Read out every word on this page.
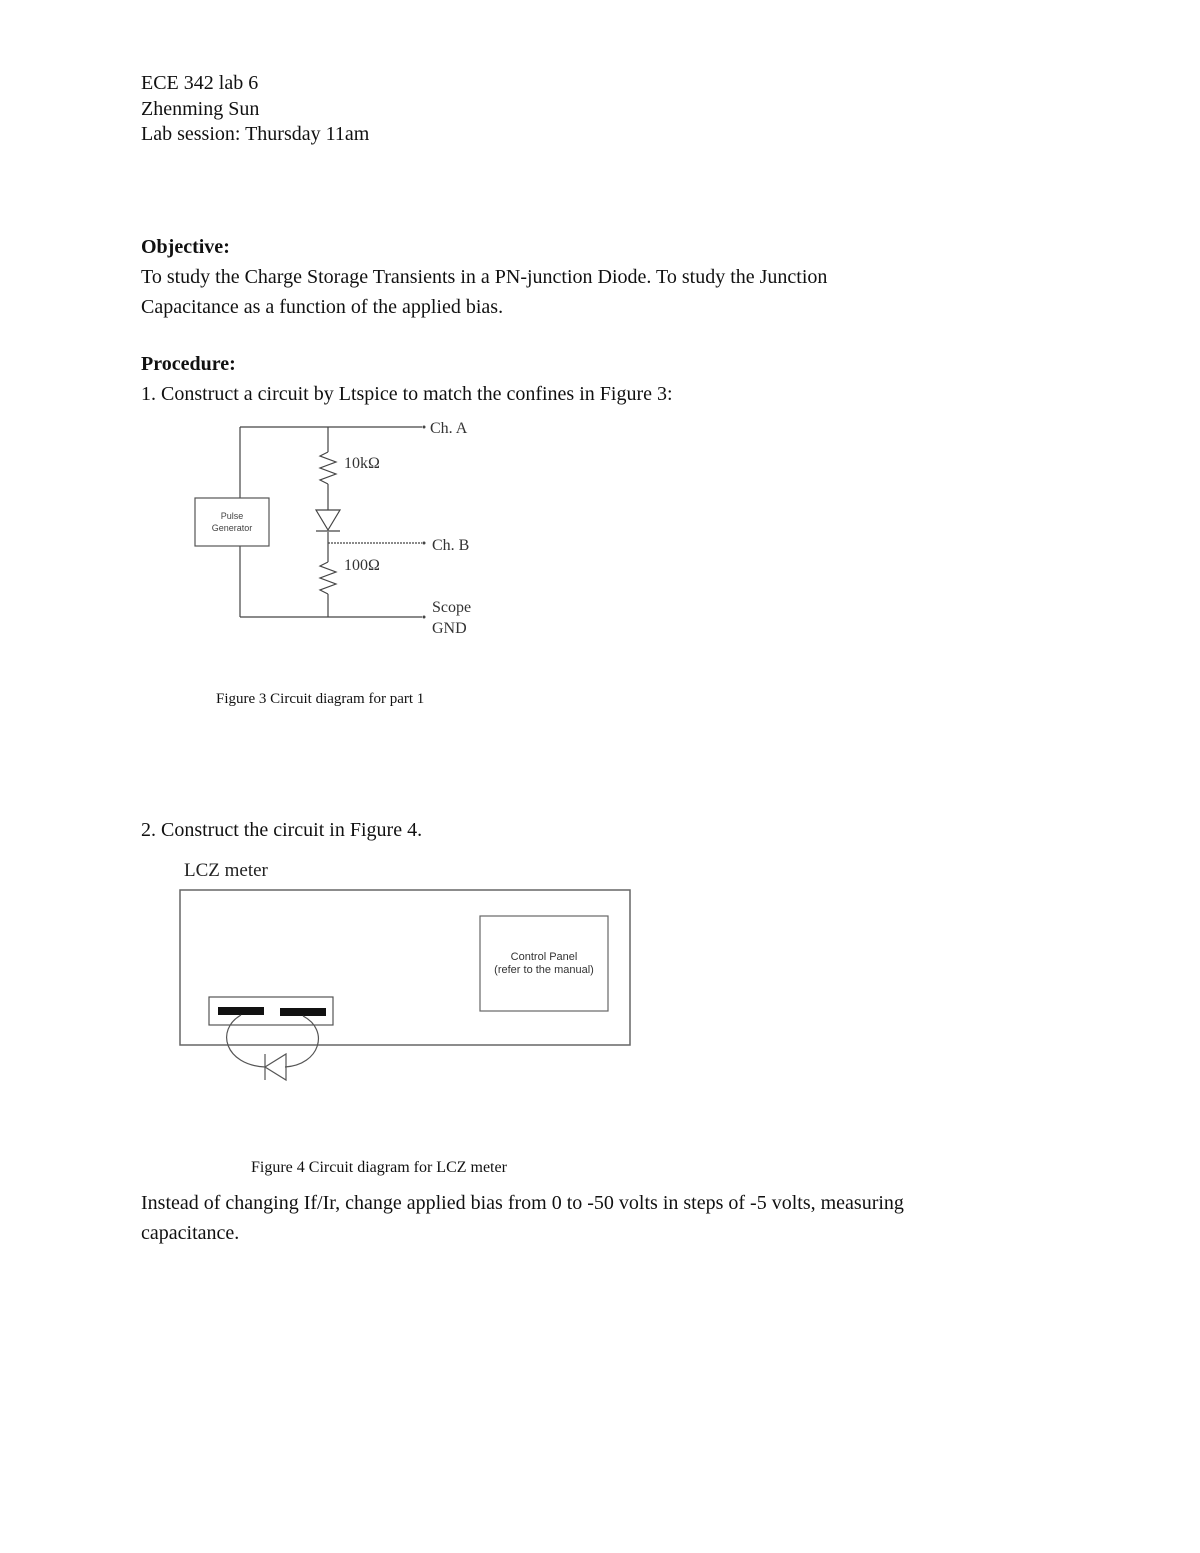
ECE 342 lab 6
Zhenming Sun
Lab session: Thursday 11am
Objective:
To study the Charge Storage Transients in a PN-junction Diode. To study the Junction
Capacitance as a function of the applied bias.
Procedure:
1. Construct a circuit by Ltspice to match the confines in Figure 3:
Pulse
Generator
10kΩ
100Ω
Ch. A
Ch. B
Scope
GND
Figure 3 Circuit diagram for part 1
2. Construct the circuit in Figure 4.
LCZ meter
Control Panel
(refer to the manual)
Figure 4 Circuit diagram for LCZ meter
Instead of changing If/Ir, change applied bias from 0 to -50 volts in steps of -5 volts, measuring
capacitance.
